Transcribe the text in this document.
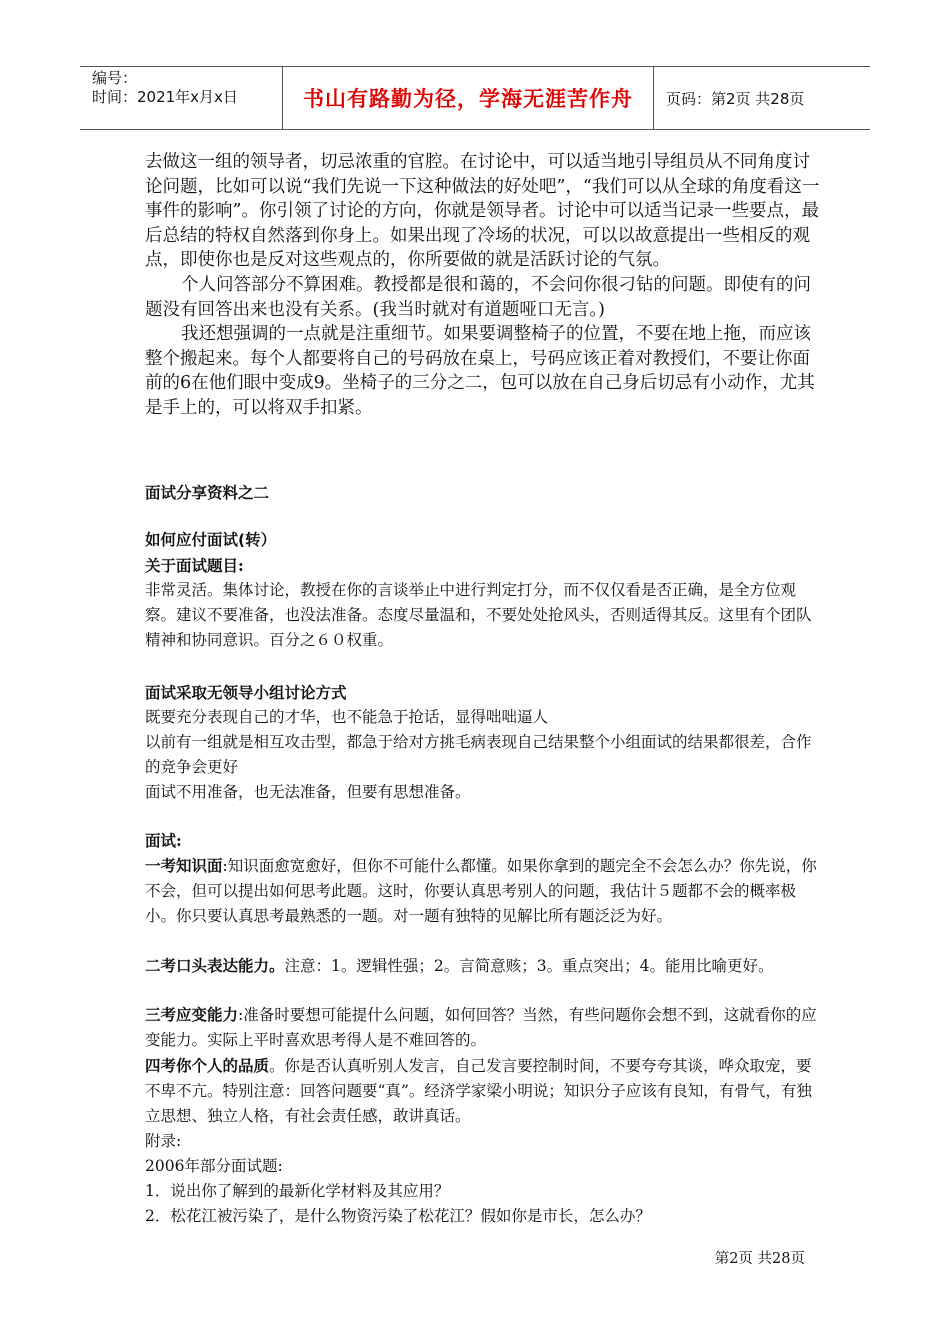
编号：
时间：2021年x月x日	书山有路勤为径，学海无涯苦作舟 页码：第2页 共28页

去做这一组的领导者，切忌浓重的官腔。在讨论中，可以适当地引导组员从不同角度讨论问题，比如可以说“我们先说一下这种做法的好处吧”，“我们可以从全球的角度看这一事件的影响”。你引领了讨论的方向，你就是领导者。讨论中可以适当记录一些要点，最后总结的特权自然落到你身上。如果出现了冷场的状况，可以以故意提出一些相反的观点，即使你也是反对这些观点的，你所要做的就是活跃讨论的气氛。

个人问答部分不算困难。教授都是很和蔼的，不会问你很刁钻的问题。即使有的问题没有回答出来也没有关系。(我当时就对有道题哑口无言。)

我还想强调的一点就是注重细节。如果要调整椅子的位置，不要在地上拖，而应该整个搬起来。每个人都要将自己的号码放在桌上，号码应该正着对教授们，不要让你面前的6在他们眼中变成9。坐椅子的三分之二，包可以放在自己身后切忌有小动作，尤其是手上的，可以将双手扣紧。

面试分享资料之二

如何应付面试(转）

关于面试题目:

非常灵活。集体讨论，教授在你的言谈举止中进行判定打分，而不仅仅看是否正确，是全方位观察。建议不要准备，也没法准备。态度尽量温和，不要处处抢风头，否则适得其反。这里有个团队精神和协同意识。百分之６０权重。

面试采取无领导小组讨论方式

既要充分表现自己的才华，也不能急于抢话，显得咄咄逼人

以前有一组就是相互攻击型，都急于给对方挑毛病表现自己结果整个小组面试的结果都很差，合作的竞争会更好

面试不用准备，也无法准备，但要有思想准备。

面试:

一考知识面:知识面愈宽愈好，但你不可能什么都懂。如果你拿到的题完全不会怎么办？你先说，你不会，但可以提出如何思考此题。这时，你要认真思考别人的问题，我估计５题都不会的概率极小。你只要认真思考最熟悉的一题。对一题有独特的见解比所有题泛泛为好。

二考口头表达能力。注意：1。逻辑性强；2。言简意赅；3。重点突出；4。能用比喻更好。

三考应变能力:准备时要想可能提什么问题，如何回答？当然，有些问题你会想不到，这就看你的应变能力。实际上平时喜欢思考得人是不难回答的。

四考你个人的品质。你是否认真听别人发言，自己发言要控制时间，不要夸夸其谈，哗众取宠，要不卑不亢。特别注意：回答问题要“真”。经济学家梁小明说；知识分子应该有良知，有骨气，有独立思想、独立人格，有社会责任感，敢讲真话。

附录:

2006年部分面试题:

1．说出你了解到的最新化学材料及其应用？

2．松花江被污染了，是什么物资污染了松花江？假如你是市长，怎么办？

第2页 共28页
